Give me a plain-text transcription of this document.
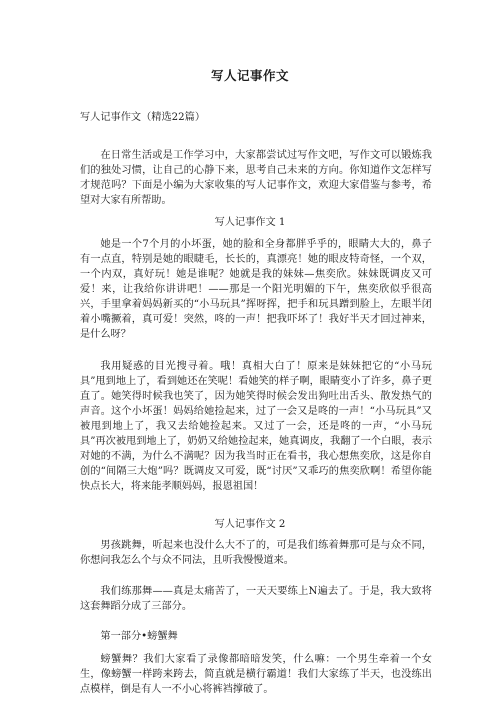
写人记事作文
写人记事作文（精选22篇）

在日常生活或是工作学习中，大家都尝试过写作文吧，写作文可以锻炼我们的独处习惯，让自己的心静下来，思考自己未来的方向。你知道作文怎样写才规范吗？下面是小编为大家收集的写人记事作文，欢迎大家借鉴与参考，希望对大家有所帮助。

写人记事作文 1

她是一个7个月的小坏蛋，她的脸和全身都胖乎乎的，眼睛大大的，鼻子有一点直，特别是她的眼睫毛，长长的，真漂亮！她的眼皮特奇怪，一个双，一个内双，真好玩！她是谁呢？她就是我的妹妹—焦奕欣。妹妹既调皮又可爱！来，让我给你讲讲吧！——那是一个阳光明媚的下午，焦奕欣似乎很高兴，手里拿着妈妈新买的“小马玩具”挥呀挥，把手和玩具蹭到脸上，左眼半闭着小嘴撅着，真可爱！突然，咚的一声！把我吓坏了！我好半天才回过神来，是什么呀？

我用疑惑的目光搜寻着。哦！真相大白了！原来是妹妹把它的“小马玩具”甩到地上了，看到她还在笑呢！看她笑的样子啊，眼睛变小了许多，鼻子更直了。她笑得时候我也笑了，因为她笑得时候会发出狗吐出舌头、散发热气的声音。这个小坏蛋！妈妈给她捡起来，过了一会又是咚的一声！“小马玩具”又被甩到地上了，我又去给她捡起来。又过了一会，还是咚的一声，“小马玩具”再次被甩到地上了，奶奶又给她捡起来，她真调皮，我翻了一个白眼，表示对她的不满，为什么不满呢？因为我当时正在看书，我心想焦奕欣，这是你自创的“间隔三大炮”吗？既调皮又可爱，既“讨厌”又乖巧的焦奕欣啊！希望你能快点长大，将来能孝顺妈妈，报恩祖国！

写人记事作文 2

男孩跳舞，听起来也没什么大不了的，可是我们练着舞那可是与众不同，你想问我怎么个与众不同法，且听我慢慢道来。

我们练那舞——真是太痛苦了，一天天要练上N遍去了。于是，我大致将这套舞蹈分成了三部分。

第一部分•螃蟹舞

螃蟹舞？我们大家看了录像都暗暗发笑，什么嘛：一个男生牵着一个女生，像螃蟹一样跨来跨去，简直就是横行霸道！我们大家练了半天，也没练出点模样，倒是有人一不小心将裤裆撑破了。
